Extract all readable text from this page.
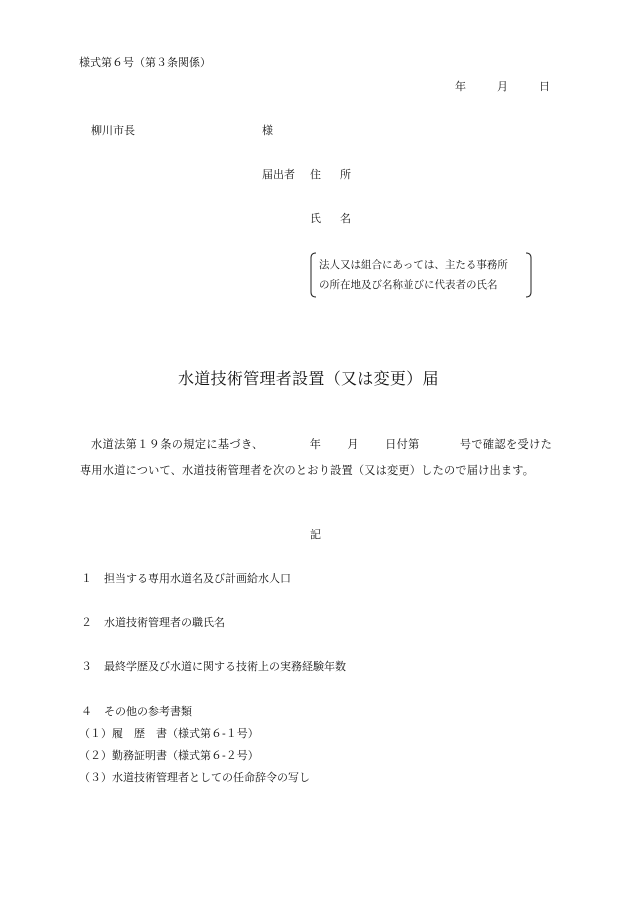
様式第６号（第３条関係）
年	月	日
柳川市長	様
届出者 住　所
氏　名
法人又は組合にあっては、主たる事務所
の所在地及び名称並びに代表者の氏名
水道技術管理者設置（又は変更）届
水道法第１９条の規定に基づき、	年 月 日付第	号で確認を受けた専用水道について、水道技術管理者を次のとおり設置（又は変更）したので届け出ます。
記
１ 担当する専用水道名及び計画給水人口
２ 水道技術管理者の職氏名
３ 最終学歴及び水道に関する技術上の実務経験年数
４ その他の参考書類
（１）履　歴　書（様式第６-１号）
（２）勤務証明書（様式第６-２号）
（３）水道技術管理者としての任命辞令の写し
